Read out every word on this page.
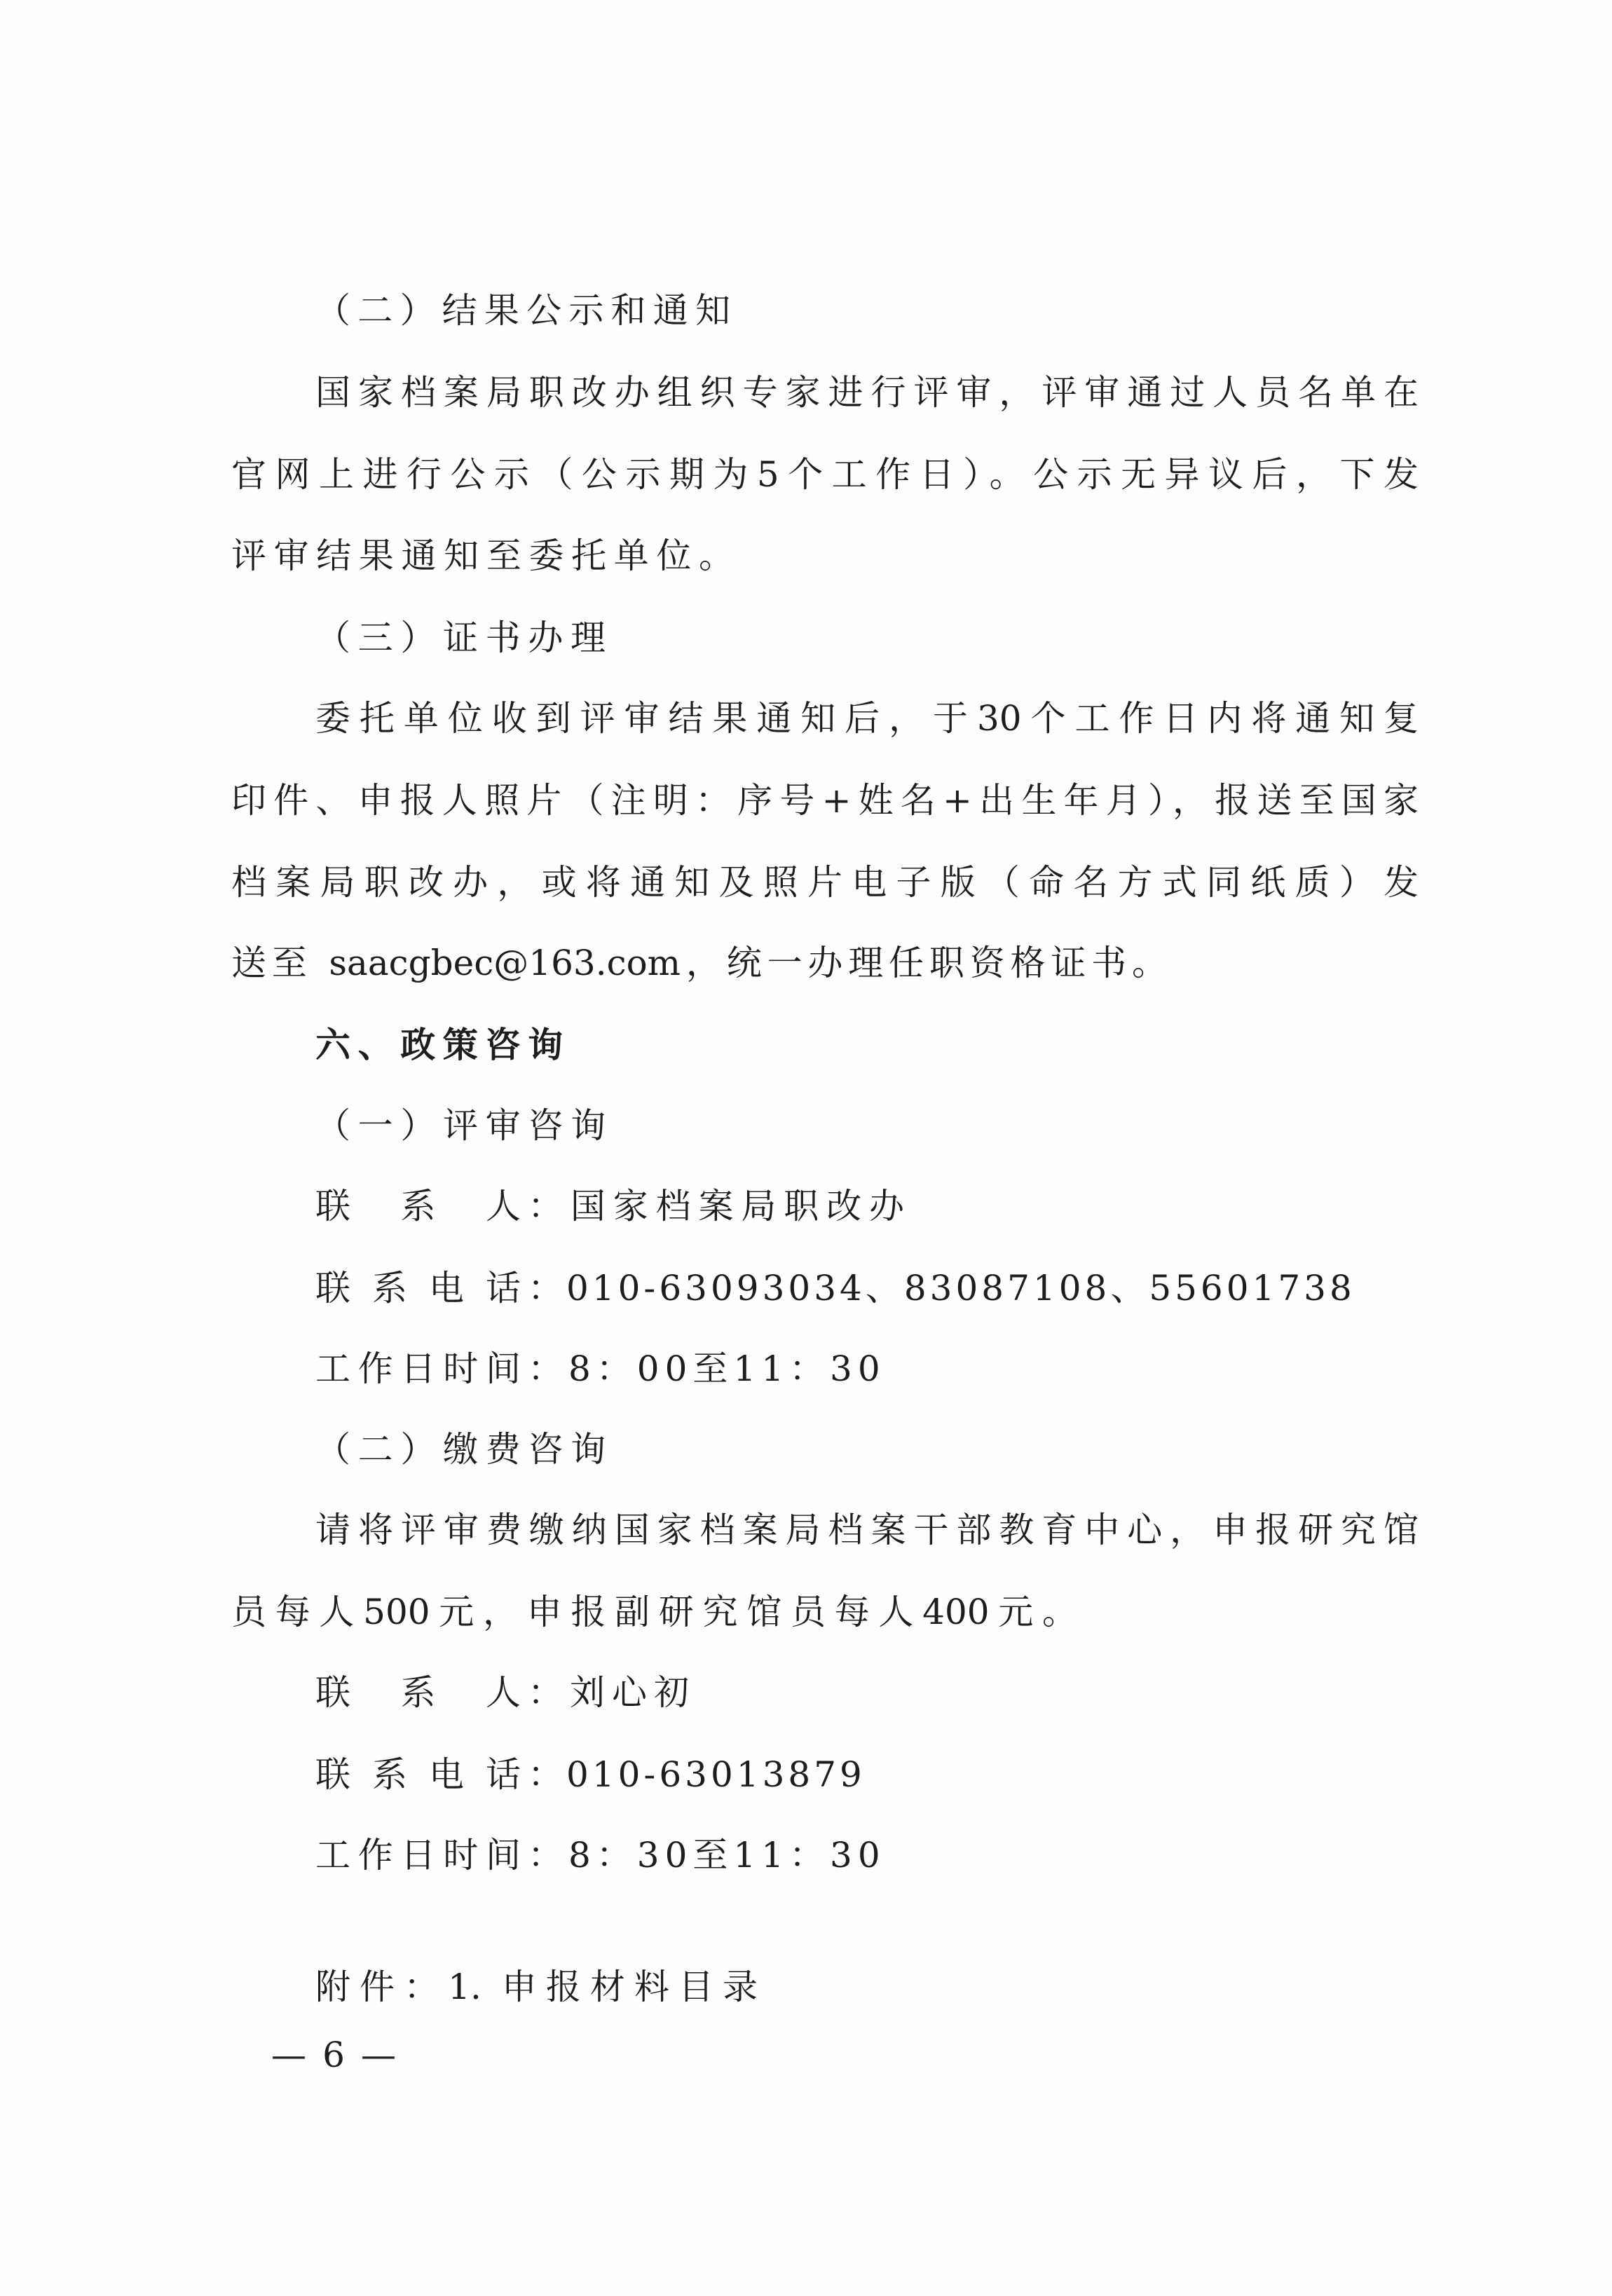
（二）结果公示和通知
国家档案局职改办组织专家进行评审，评审通过人员名单在
官网上进行公示（公示期为5个工作日）。公示无异议后，下发
评审结果通知至委托单位。
（三）证书办理
委托单位收到评审结果通知后，于30个工作日内将通知复
印件、申报人照片（注明：序号+姓名+出生年月），报送至国家
档案局职改办，或将通知及照片电子版（命名方式同纸质）发
送至 saacgbec@163.com，统一办理任职资格证书。
六、政策咨询
（一）评审咨询
联系人 ：国家档案局职改办
联系电话 ：010-63093034、83087108、55601738
工作日时间 ：8：00至11：30
（二）缴费咨询
请将评审费缴纳国家档案局档案干部教育中心，申报研究馆
员每人500元，申报副研究馆员每人400元。
联系人 ：刘心初
联系电话 ：010-63013879
工作日时间 ：8：30至11：30
附件：1. 申报材料目录
— 6 —
